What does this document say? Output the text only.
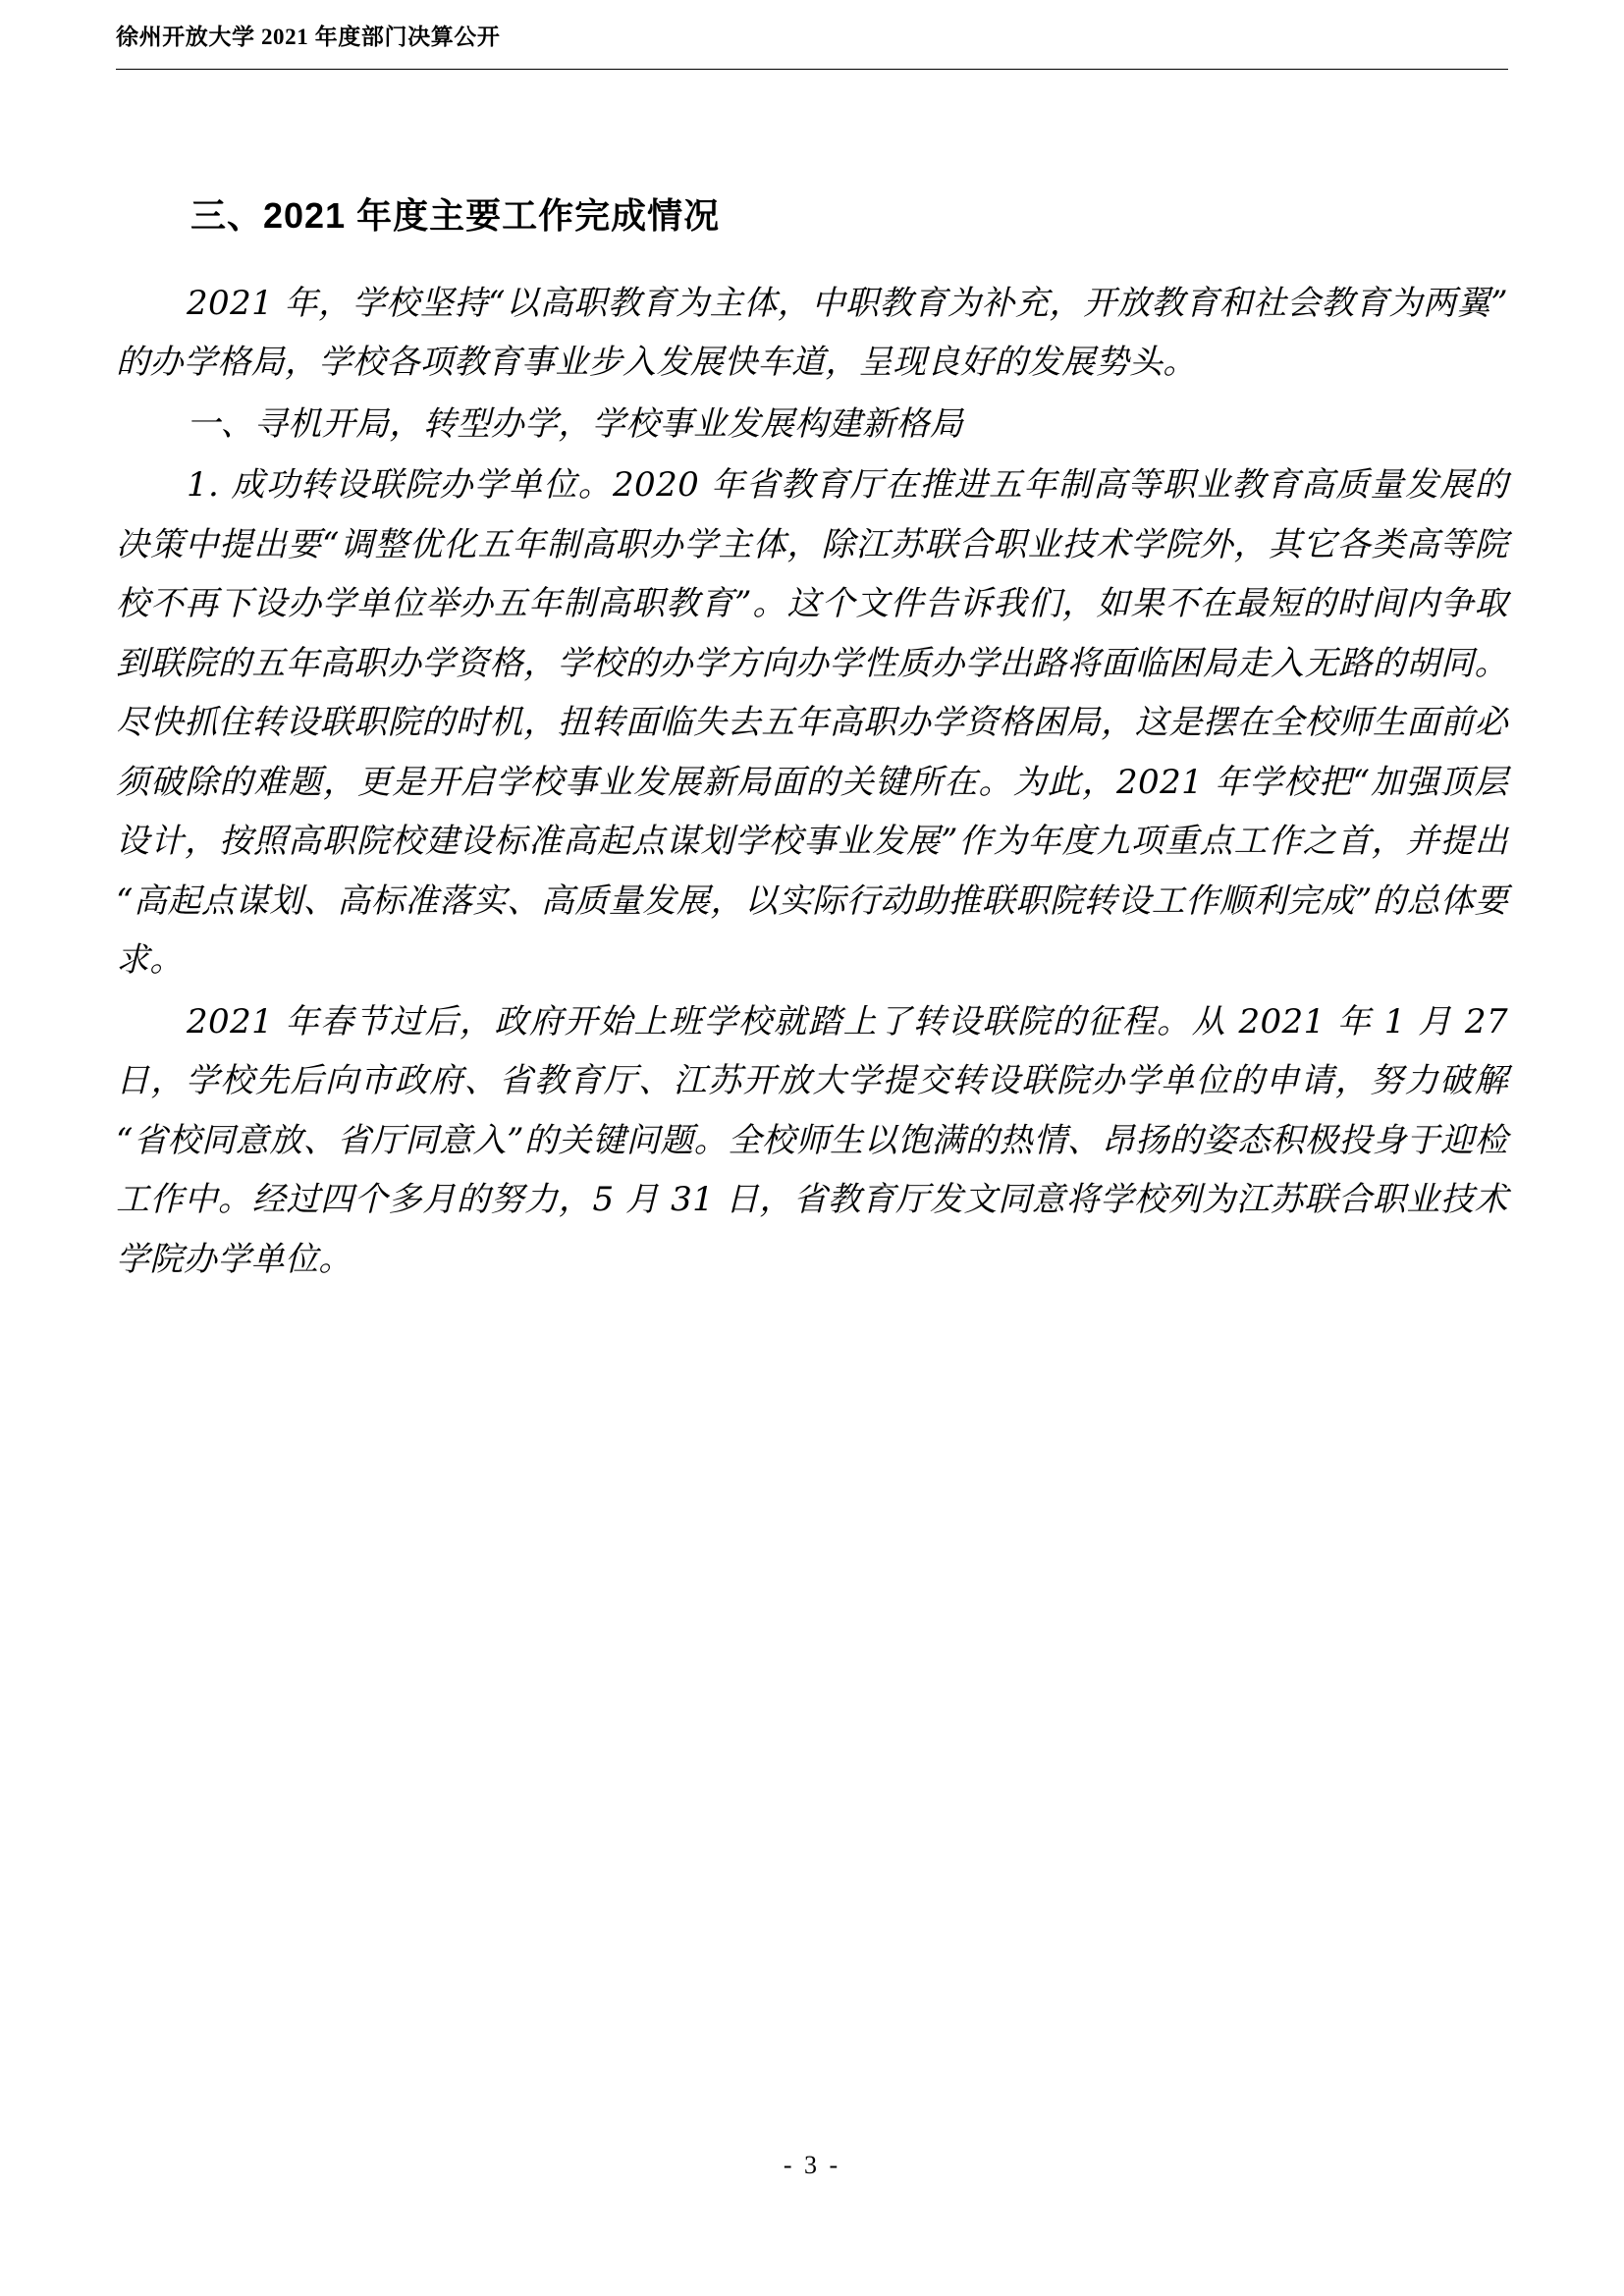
徐州开放大学 2021 年度部门决算公开
三、2021 年度主要工作完成情况

2021 年，学校坚持“以高职教育为主体，中职教育为补充，开放教育和社会教育为两翼”的办学格局，学校各项教育事业步入发展快车道，呈现良好的发展势头。

一、寻机开局，转型办学，学校事业发展构建新格局

1. 成功转设联院办学单位。2020 年省教育厅在推进五年制高等职业教育高质量发展的决策中提出要“调整优化五年制高职办学主体，除江苏联合职业技术学院外，其它各类高等院校不再下设办学单位举办五年制高职教育”。这个文件告诉我们，如果不在最短的时间内争取到联院的五年高职办学资格，学校的办学方向办学性质办学出路将面临困局走入无路的胡同。尽快抓住转设联职院的时机，扭转面临失去五年高职办学资格困局，这是摆在全校师生面前必须破除的难题，更是开启学校事业发展新局面的关键所在。为此，2021 年学校把“加强顶层设计，按照高职院校建设标准高起点谋划学校事业发展”作为年度九项重点工作之首，并提出“高起点谋划、高标准落实、高质量发展，以实际行动助推联职院转设工作顺利完成”的总体要求。

2021 年春节过后，政府开始上班学校就踏上了转设联院的征程。从 2021 年 1 月 27 日，学校先后向市政府、省教育厅、江苏开放大学提交转设联院办学单位的申请，努力破解“省校同意放、省厅同意入”的关键问题。全校师生以饱满的热情、昂扬的姿态积极投身于迎检工作中。经过四个多月的努力，5 月 31 日，省教育厅发文同意将学校列为江苏联合职业技术学院办学单位。

- 3 -
